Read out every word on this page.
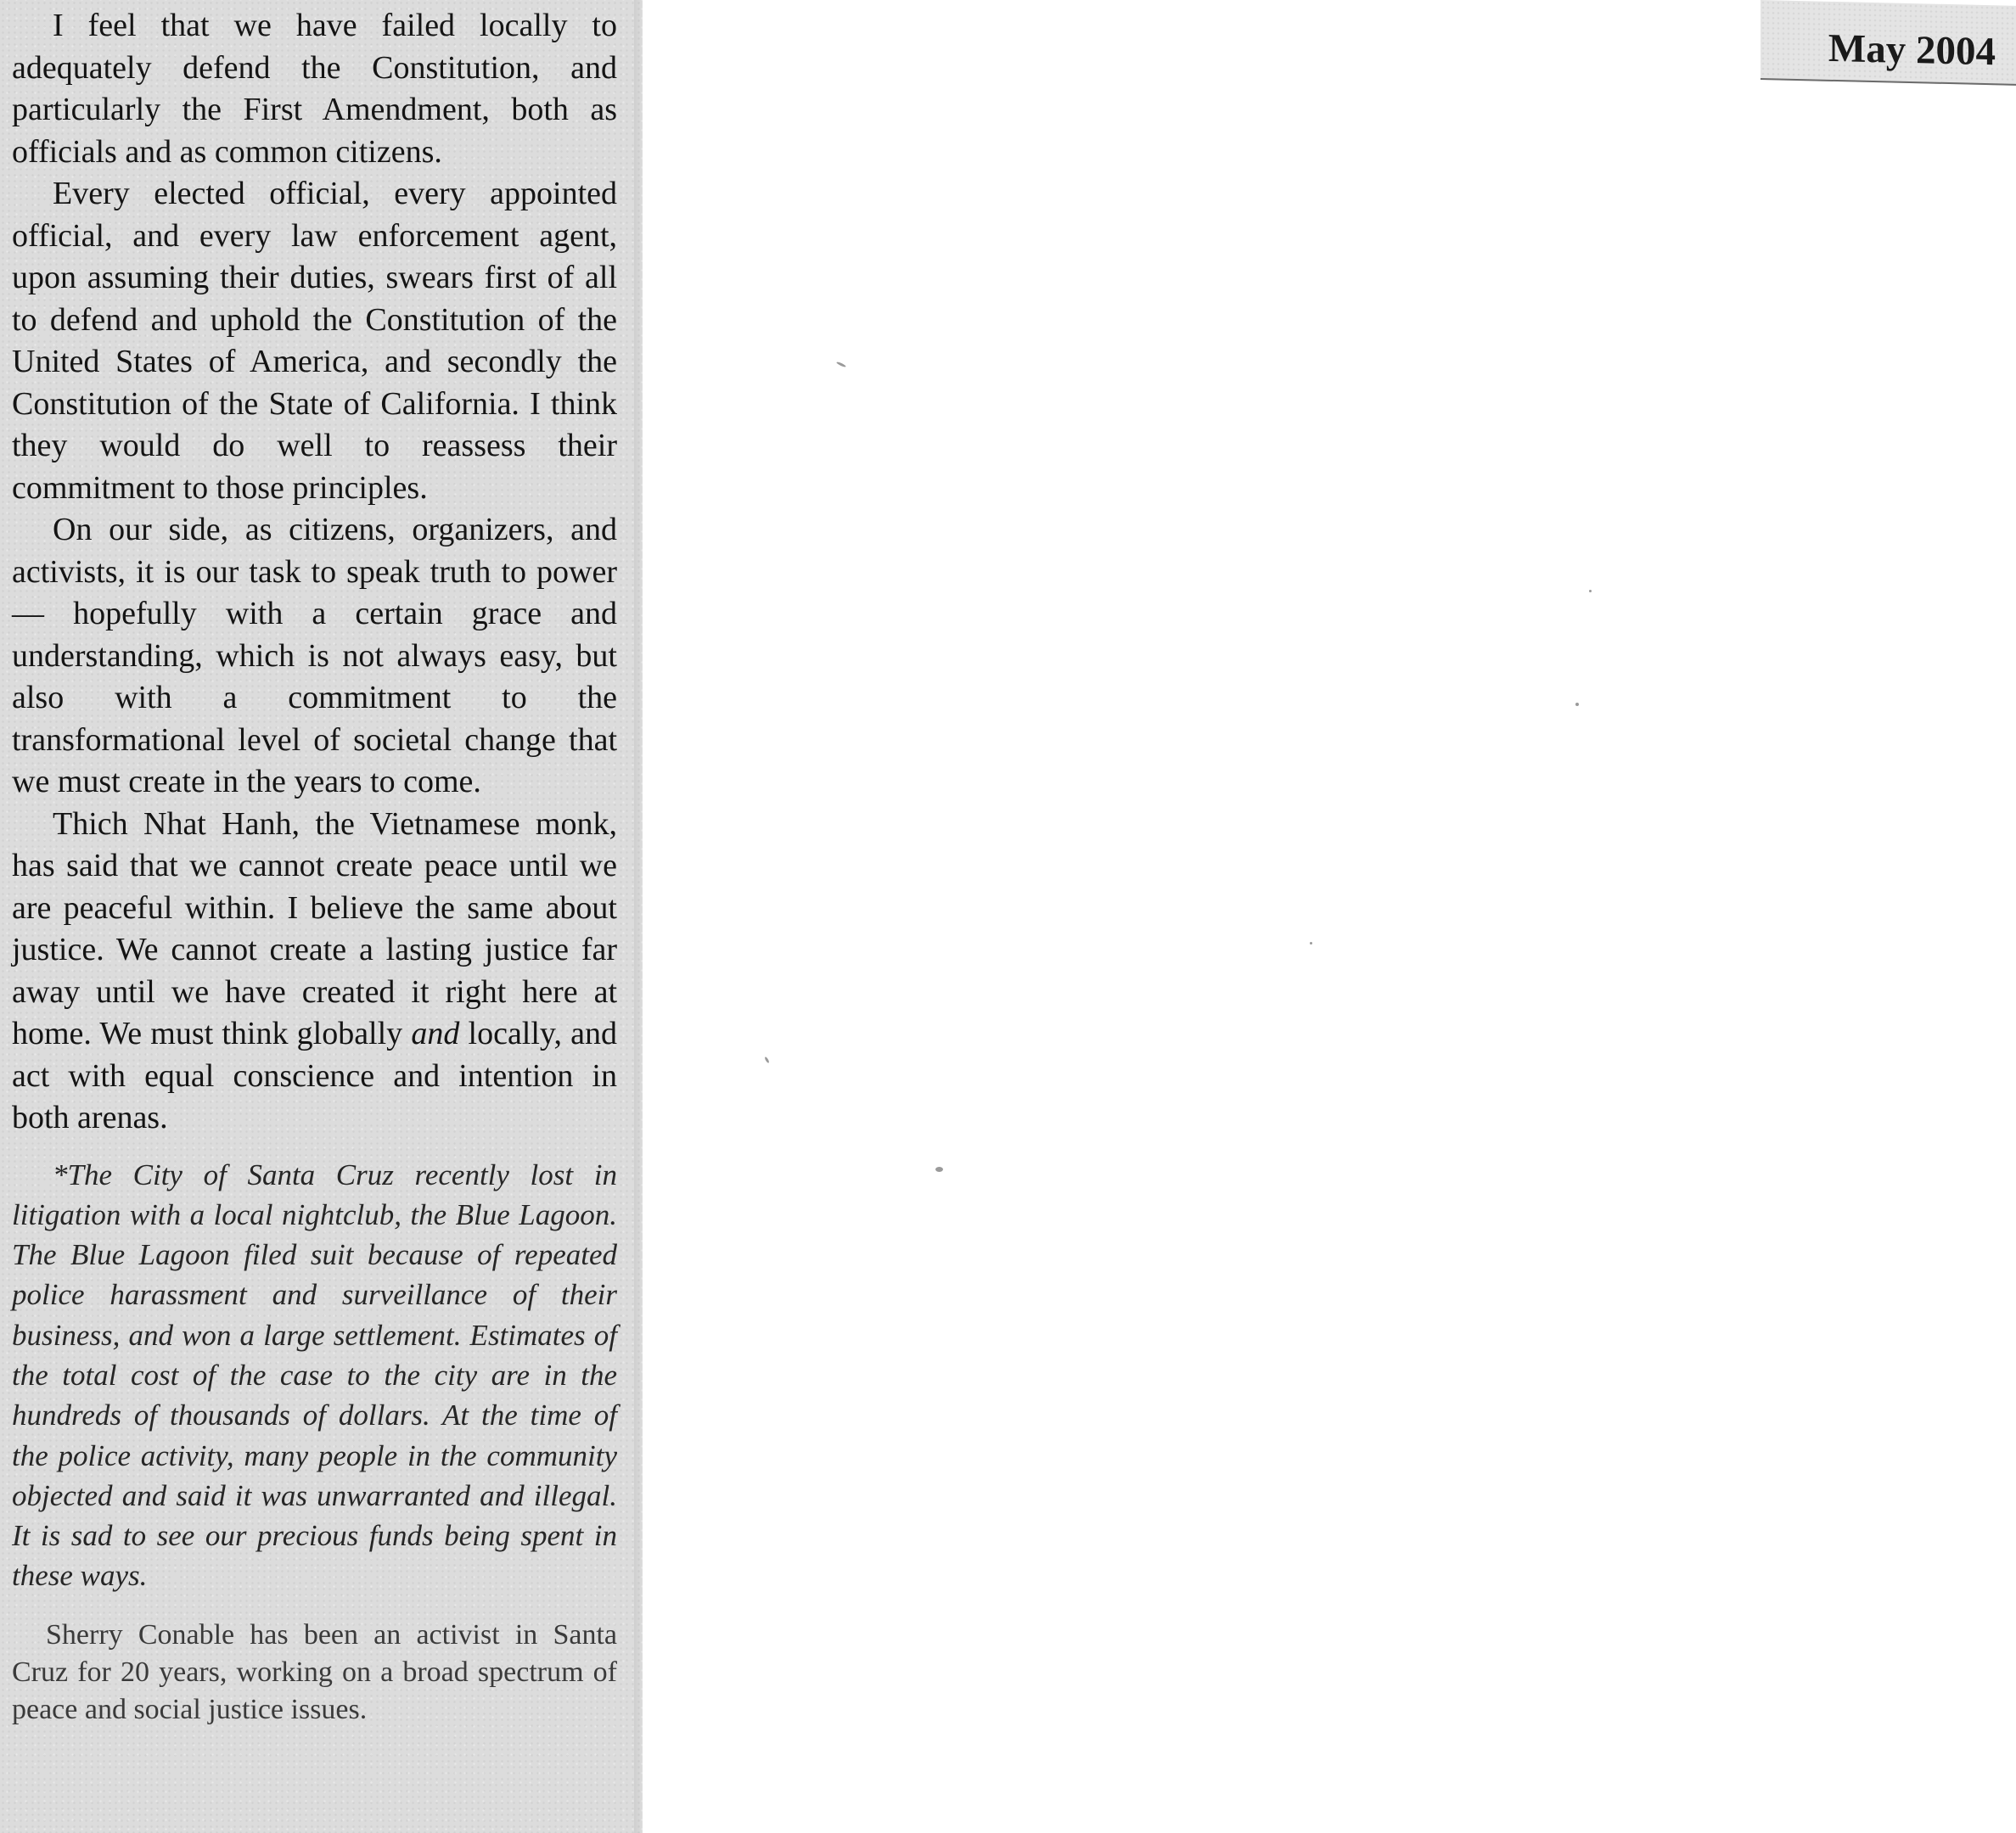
I feel that we have failed locally to adequately defend the Constitution, and particularly the First Amendment, both as officials and as common citizens.

Every elected official, every appointed official, and every law enforcement agent, upon assuming their duties, swears first of all to defend and uphold the Constitution of the United States of America, and secondly the Constitution of the State of California. I think they would do well to reassess their commitment to those principles.

On our side, as citizens, organizers, and activists, it is our task to speak truth to power — hopefully with a certain grace and understanding, which is not always easy, but also with a commitment to the transformational level of societal change that we must create in the years to come.

Thich Nhat Hanh, the Vietnamese monk, has said that we cannot create peace until we are peaceful within. I believe the same about justice. We cannot create a lasting justice far away until we have created it right here at home. We must think globally and locally, and act with equal conscience and intention in both arenas.

*The City of Santa Cruz recently lost in litigation with a local nightclub, the Blue Lagoon. The Blue Lagoon filed suit because of repeated police harassment and surveillance of their business, and won a large settlement. Estimates of the total cost of the case to the city are in the hundreds of thousands of dollars. At the time of the police activity, many people in the community objected and said it was unwarranted and illegal. It is sad to see our precious funds being spent in these ways.

Sherry Conable has been an activist in Santa Cruz for 20 years, working on a broad spectrum of peace and social justice issues.

May 2004
